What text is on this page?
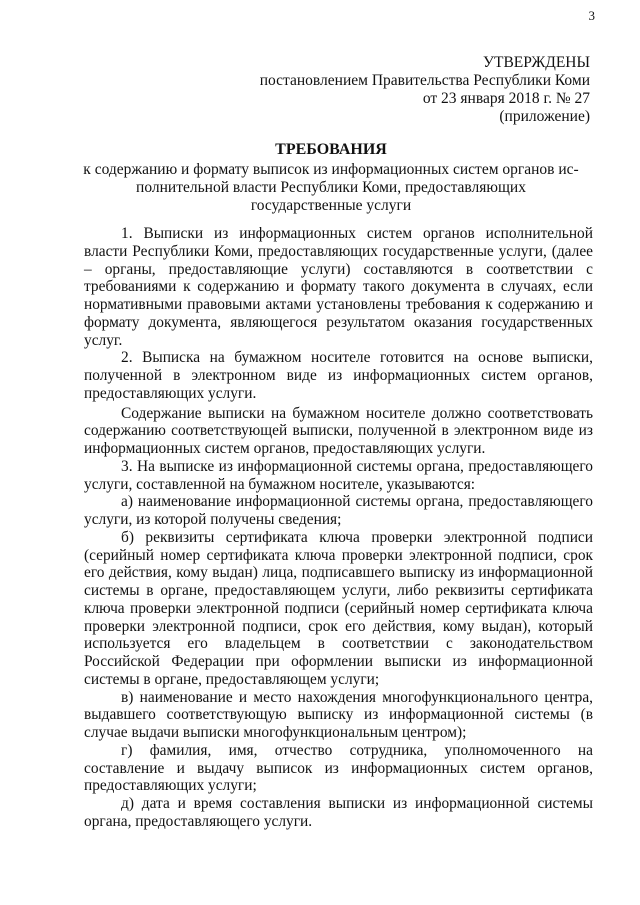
3
УТВЕРЖДЕНЫ
постановлением Правительства Республики Коми
от 23 января 2018 г. № 27
(приложение)
ТРЕБОВАНИЯ
к содержанию и формату выписок из информационных систем органов ис-
полнительной власти Республики Коми, предоставляющих
государственные услуги

1. Выписки из информационных систем органов исполнительной власти Республики Коми, предоставляющих государственные услуги, (далее – органы, предоставляющие услуги) составляются в соответствии с требованиями к содержанию и формату такого документа в случаях, если нормативными правовыми актами установлены требования к содержанию и формату документа, являющегося результатом оказания государственных услуг.

2. Выписка на бумажном носителе готовится на основе выписки, полученной в электронном виде из информационных систем органов, предоставляющих услуги.

Содержание выписки на бумажном носителе должно соответствовать содержанию соответствующей выписки, полученной в электронном виде из информационных систем органов, предоставляющих услуги.

3. На выписке из информационной системы органа, предоставляющего услуги, составленной на бумажном носителе, указываются:

а) наименование информационной системы органа, предоставляющего услуги, из которой получены сведения;

б) реквизиты сертификата ключа проверки электронной подписи (серийный номер сертификата ключа проверки электронной подписи, срок его действия, кому выдан) лица, подписавшего выписку из информационной системы в органе, предоставляющем услуги, либо реквизиты сертификата ключа проверки электронной подписи (серийный номер сертификата ключа проверки электронной подписи, срок его действия, кому выдан), который используется его владельцем в соответствии с законодательством Российской Федерации при оформлении выписки из информационной системы в органе, предоставляющем услуги;

в) наименование и место нахождения многофункционального центра, выдавшего соответствующую выписку из информационной системы (в случае выдачи выписки многофункциональным центром);

г) фамилия, имя, отчество сотрудника, уполномоченного на составление и выдачу выписок из информационных систем органов, предоставляющих услуги;

д) дата и время составления выписки из информационной системы органа, предоставляющего услуги.
